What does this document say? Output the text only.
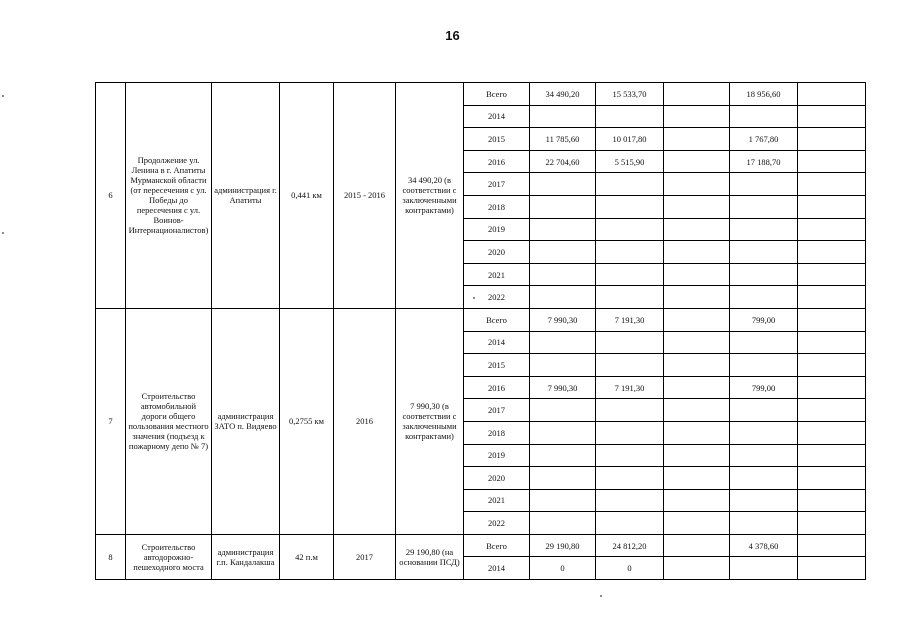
16
6	Продолжение ул. Ленина в г. Апатиты Мурманской области (от пересечения с ул. Победы до пересечения с ул. Воинов-Интернационалистов)	администрация г. Апатиты	0,441 км	2015 - 2016	34 490,20 (в соответствии с заключенными контрактами)	Всего	34 490,20	15 533,70		18 956,60	
						2014					
						2015	11 785,60	10 017,80		1 767,80	
						2016	22 704,60	5 515,90		17 188,70	
						2017					
						2018					
						2019					
						2020					
						2021					
						2022					
7	Строительство автомобильной дороги общего пользования местного значения (подъезд к пожарному депо № 7)	администрация ЗАТО п. Видяево	0,2755 км	2016	7 990,30 (в соответствии с заключенными контрактами)	Всего	7 990,30	7 191,30		799,00	
						2014					
						2015					
						2016	7 990,30	7 191,30		799,00	
						2017					
						2018					
						2019					
						2020					
						2021					
						2022					
8	Строительство автодорожно-пешеходного моста	администрация г.п. Кандалакша	42 п.м	2017	29 190,80 (на основании ПСД)	Всего	29 190,80	24 812,20		4 378,60	
						2014	0	0			
